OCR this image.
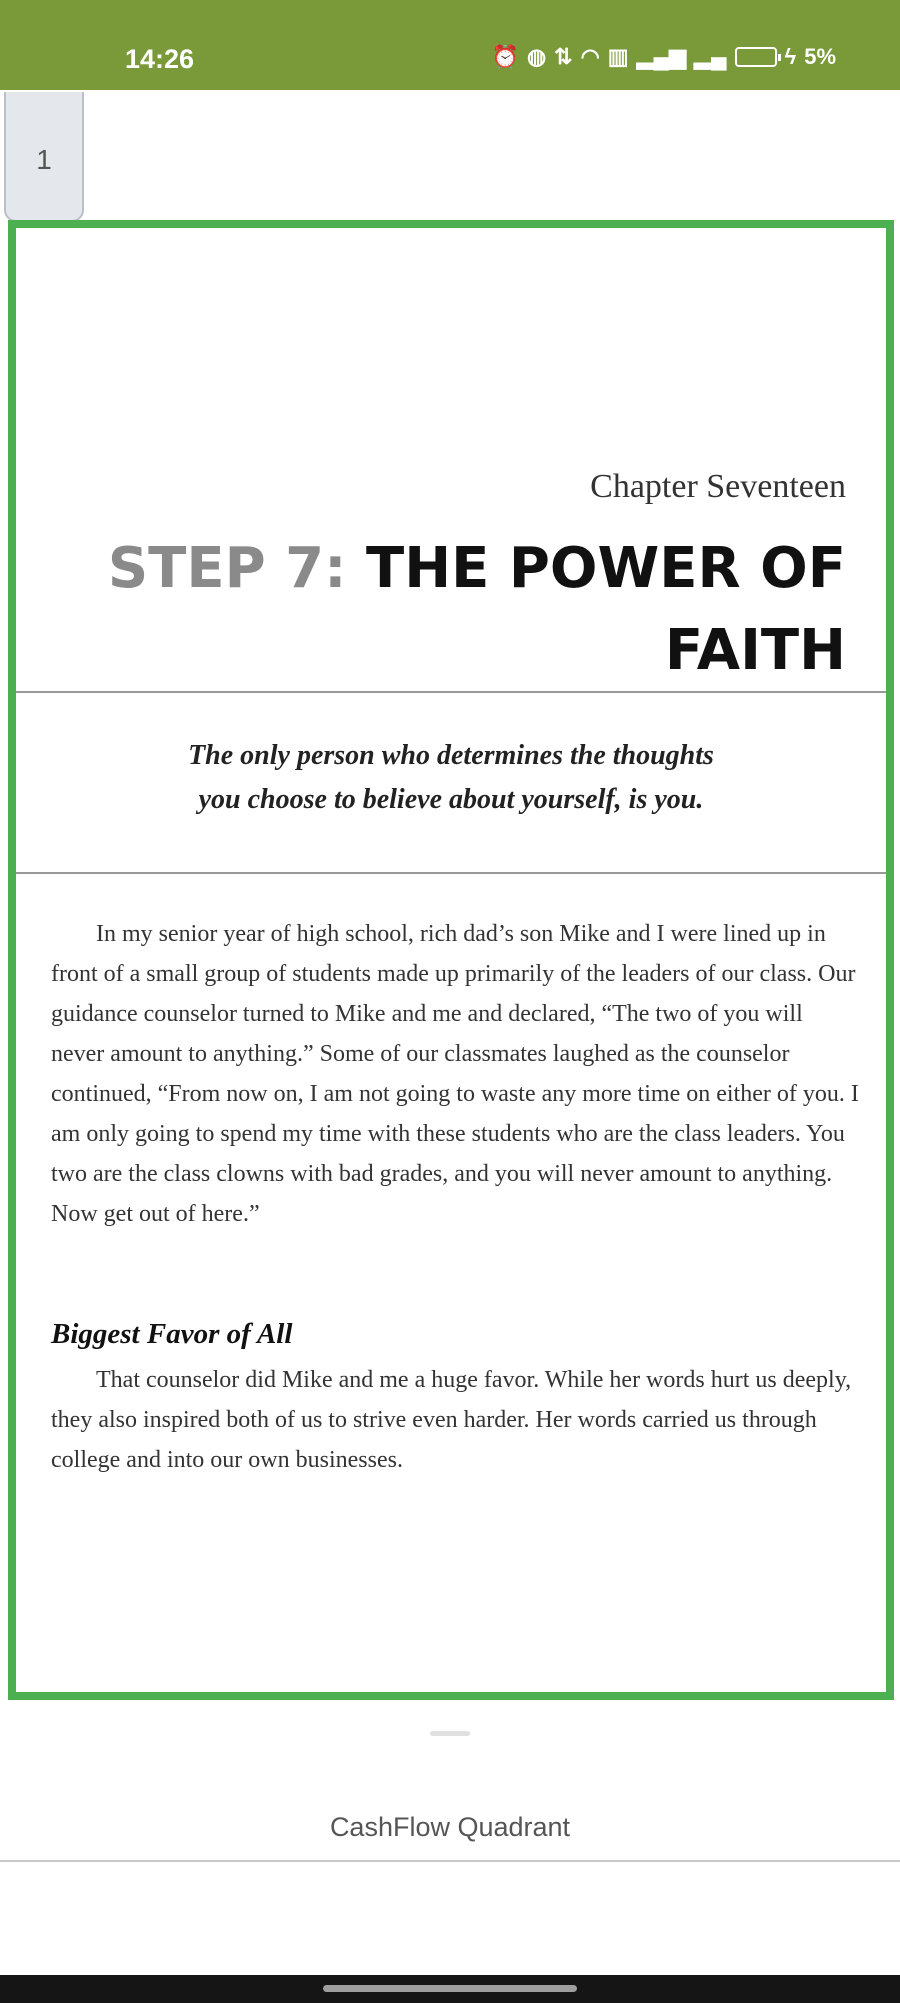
14:26	⏰ ◍ ⇅ ◠ ▥ ▂▄▆ ▂▄	ϟ 5%
1
Chapter Seventeen
STEP 7: THE POWER OF FAITH
The only person who determines the thoughts
you choose to believe about yourself, is you.
In my senior year of high school, rich dad’s son Mike and I were lined up in front of a small group of students made up primarily of the leaders of our class. Our guidance counselor turned to Mike and me and declared, “The two of you will never amount to anything.” Some of our classmates laughed as the counselor continued, “From now on, I am not going to waste any more time on either of you. I am only going to spend my time with these students who are the class leaders. You two are the class clowns with bad grades, and you will never amount to anything. Now get out of here.”
Biggest Favor of All
That counselor did Mike and me a huge favor. While her words hurt us deeply, they also inspired both of us to strive even harder. Her words carried us through college and into our own businesses.
CashFlow Quadrant
